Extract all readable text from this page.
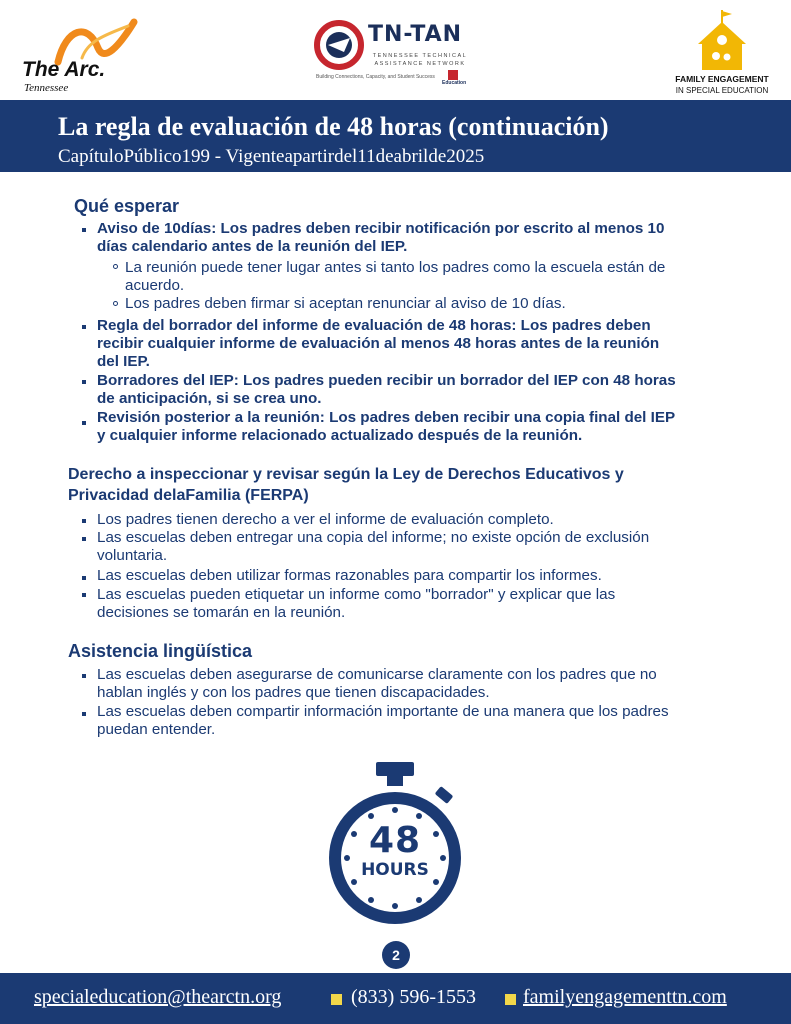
The Arc.
Tennessee
TN-TAN
TENNESSEE TECHNICAL ASSISTANCE NETWORK
Building Connections, Capacity, and Student Success
Education	FAMILY ENGAGEMENT
IN SPECIAL EDUCATION
La regla de evaluación de 48 horas (continuación)
CapítuloPúblico199 - Vigenteapartirdel11deabrilde2025
Qué esperar
Aviso de 10días: Los padres deben recibir notificación por escrito al menos 10
días calendario antes de la reunión del IEP.
La reunión puede tener lugar antes si tanto los padres como la escuela están de
acuerdo.
Los padres deben firmar si aceptan renunciar al aviso de 10 días.
Regla del borrador del informe de evaluación de 48 horas: Los padres deben
recibir cualquier informe de evaluación al menos 48 horas antes de la reunión
del IEP.
Borradores del IEP: Los padres pueden recibir un borrador del IEP con 48 horas
de anticipación, si se crea uno.
Revisión posterior a la reunión: Los padres deben recibir una copia final del IEP
y cualquier informe relacionado actualizado después de la reunión.
Derecho a inspeccionar y revisar según la Ley de Derechos Educativos y
Privacidad delaFamilia (FERPA)
Los padres tienen derecho a ver el informe de evaluación completo.
Las escuelas deben entregar una copia del informe; no existe opción de exclusión
voluntaria.
Las escuelas deben utilizar formas razonables para compartir los informes.
Las escuelas pueden etiquetar un informe como "borrador" y explicar que las
decisiones se tomarán en la reunión.
Asistencia lingüística
Las escuelas deben asegurarse de comunicarse claramente con los padres que no
hablan inglés y con los padres que tienen discapacidades.
Las escuelas deben compartir información importante de una manera que los padres
puedan entender.
48
HOURS
2
specialeducation@thearctn.org	(833) 596-1553 familyengagementtn.com
